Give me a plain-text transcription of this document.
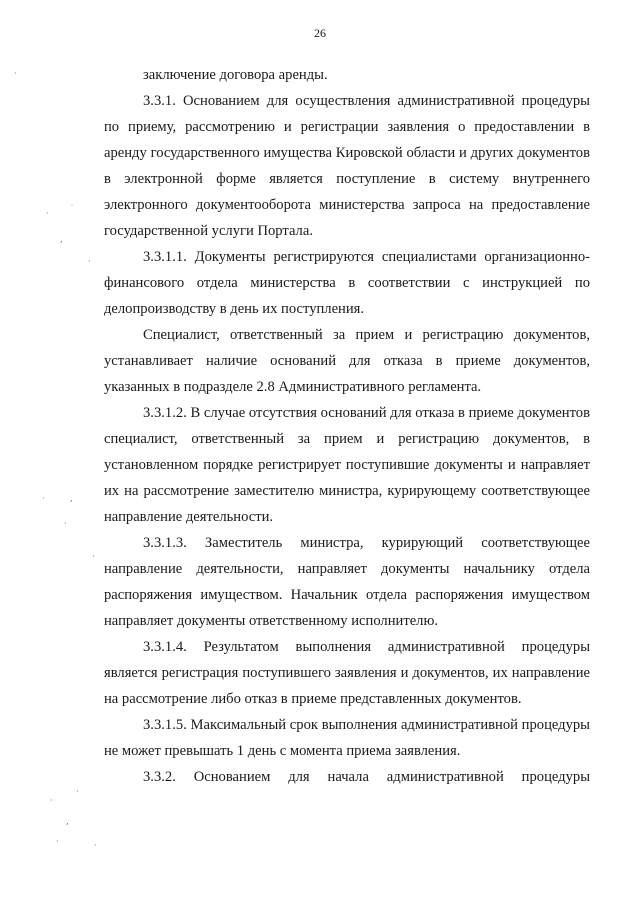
26

заключение договора аренды.

3.3.1. Основанием для осуществления административной процедуры по приему, рассмотрению и регистрации заявления о предоставлении в аренду государственного имущества Кировской области и других документов в электронной форме является поступление в систему внутреннего электронного документооборота министерства запроса на предоставление государственной услуги Портала.

3.3.1.1. Документы регистрируются специалистами организационно-финансового отдела министерства в соответствии с инструкцией по делопроизводству в день их поступления.

Специалист, ответственный за прием и регистрацию документов, устанавливает наличие оснований для отказа в приеме документов, указанных в подразделе 2.8 Административного регламента.

3.3.1.2. В случае отсутствия оснований для отказа в приеме документов специалист, ответственный за прием и регистрацию документов, в установленном порядке регистрирует поступившие документы и направляет их на рассмотрение заместителю министра, курирующему соответствующее направление деятельности.

3.3.1.3. Заместитель министра, курирующий соответствующее направление деятельности, направляет документы начальнику отдела распоряжения имуществом. Начальник отдела распоряжения имуществом направляет документы ответственному исполнителю.

3.3.1.4. Результатом выполнения административной процедуры является регистрация поступившего заявления и документов, их направление на рассмотрение либо отказ в приеме представленных документов.

3.3.1.5. Максимальный срок выполнения административной процедуры не может превышать 1 день с момента приема заявления.

3.3.2. Основанием для начала административной процедуры

·
·
˙
,
·
·	,
·
·
·
·
,
·	·
